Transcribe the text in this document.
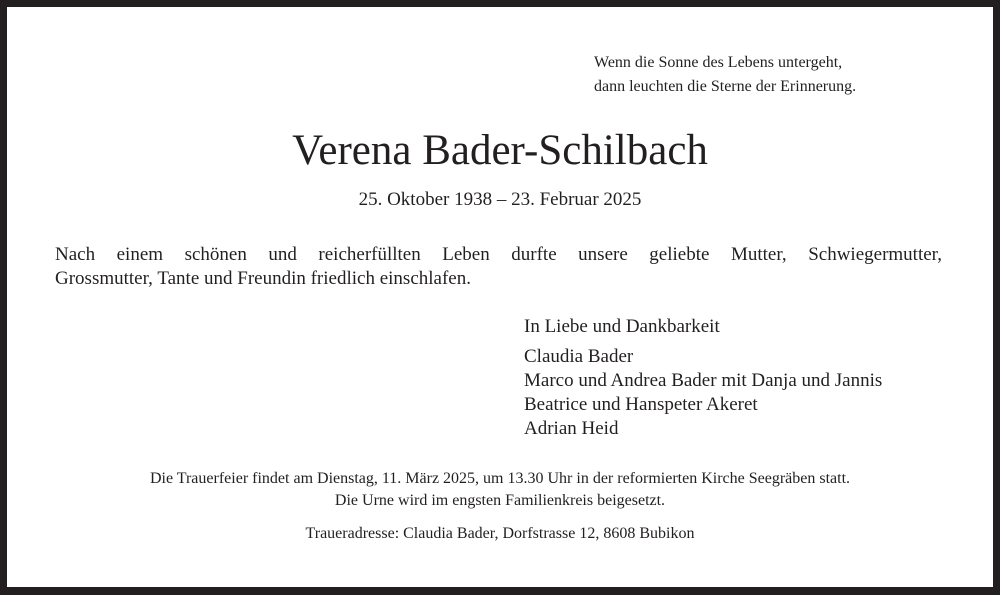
Wenn die Sonne des Lebens untergeht,
dann leuchten die Sterne der Erinnerung.
Verena Bader-Schilbach
25. Oktober 1938 – 23. Februar 2025
Nach einem schönen und reicherfüllten Leben durfte unsere geliebte Mutter, Schwiegermutter,
Grossmutter, Tante und Freundin friedlich einschlafen.
In Liebe und Dankbarkeit
Claudia Bader
Marco und Andrea Bader mit Danja und Jannis
Beatrice und Hanspeter Akeret
Adrian Heid
Die Trauerfeier findet am Dienstag, 11. März 2025, um 13.30 Uhr in der reformierten Kirche Seegräben statt.
Die Urne wird im engsten Familienkreis beigesetzt.
Traueradresse: Claudia Bader, Dorfstrasse 12, 8608 Bubikon
